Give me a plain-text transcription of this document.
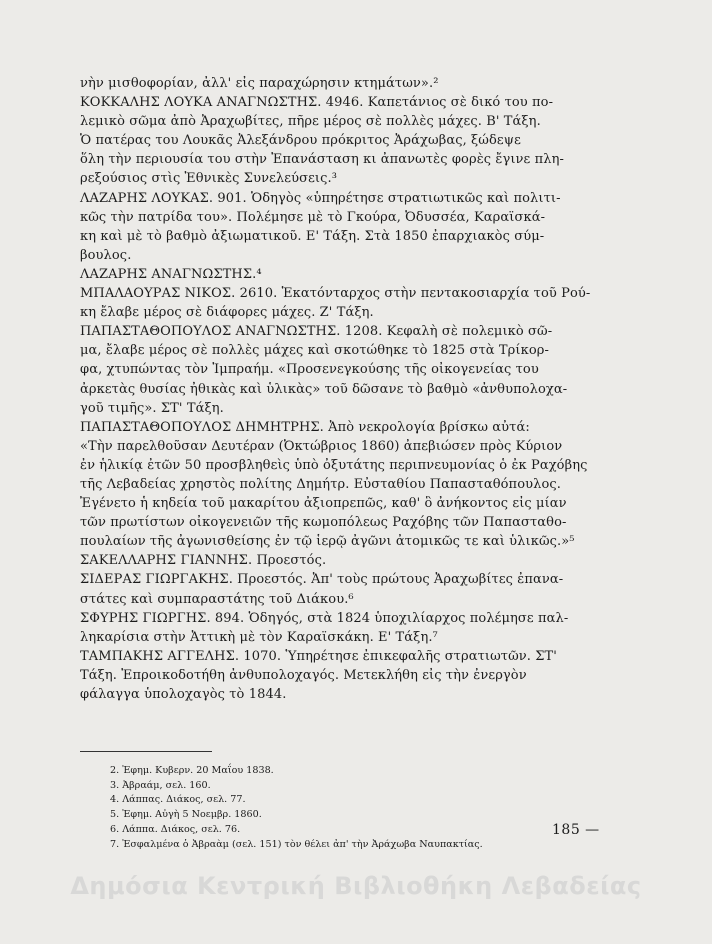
νὴν μισθοφορίαν, ἀλλ' εἰς παραχώρησιν κτημάτων».²

ΚΟΚΚΑΛΗΣ ΛΟΥΚΑ ΑΝΑΓΝΩΣΤΗΣ. 4946. Καπετάνιος σὲ δικό του πο-

λεμικὸ σῶμα ἀπὸ Ἀραχωβίτες, πῆρε μέρος σὲ πολλὲς μάχες. Β' Τάξη.

Ὁ πατέρας του Λουκᾶς Ἀλεξάνδρου πρόκριτος Ἀράχωβας, ξώδεψε

ὅλη τὴν περιουσία του στὴν Ἐπανάσταση κι ἀπανωτὲς φορὲς ἔγινε πλη-

ρεξούσιος στὶς Ἐθνικὲς Συνελεύσεις.³

ΛΑΖΑΡΗΣ ΛΟΥΚΑΣ. 901. Ὁδηγὸς «ὑπηρέτησε στρατιωτικῶς καὶ πολιτι-

κῶς τὴν πατρίδα του». Πολέμησε μὲ τὸ Γκούρα, Ὀδυσσέα, Καραϊσκά-

κη καὶ μὲ τὸ βαθμὸ ἀξιωματικοῦ. Ε' Τάξη. Στὰ 1850 ἐπαρχιακὸς σύμ-

βουλος.

ΛΑΖΑΡΗΣ ΑΝΑΓΝΩΣΤΗΣ.⁴

ΜΠΑΛΑΟΥΡΑΣ ΝΙΚΟΣ. 2610. Ἑκατόνταρχος στὴν πεντακοσιαρχία τοῦ Ρού-

κη ἔλαβε μέρος σὲ διάφορες μάχες. Ζ' Τάξη.

ΠΑΠΑΣΤΑΘΟΠΟΥΛΟΣ ΑΝΑΓΝΩΣΤΗΣ. 1208. Κεφαλὴ σὲ πολεμικὸ σῶ-

μα, ἔλαβε μέρος σὲ πολλὲς μάχες καὶ σκοτώθηκε τὸ 1825 στὰ Τρίκορ-

φα, χτυπώντας τὸν Ἰμπραήμ. «Προσενεγκούσης τῆς οἰκογενείας του

ἀρκετὰς θυσίας ἠθικὰς καὶ ὑλικὰς» τοῦ δῶσανε τὸ βαθμὸ «ἀνθυπολοχα-

γοῦ τιμῆς». ΣΤ' Τάξη.

ΠΑΠΑΣΤΑΘΟΠΟΥΛΟΣ ΔΗΜΗΤΡΗΣ. Ἀπὸ νεκρολογία βρίσκω αὐτά:

«Τὴν παρελθοῦσαν Δευτέραν (Ὀκτώβριος 1860) ἀπεβιώσεν πρὸς Κύριον

ἐν ἡλικίᾳ ἐτῶν 50 προσβληθεὶς ὑπὸ ὀξυτάτης περιπνευμονίας ὁ ἐκ Ραχόβης

τῆς Λεβαδείας χρηστὸς πολίτης Δημήτρ. Εὐσταθίου Παπασταθόπουλος.

Ἐγένετο ἡ κηδεία τοῦ μακαρίτου ἀξιοπρεπῶς, καθ' ὃ ἀνήκοντος εἰς μίαν

τῶν πρωτίστων οἰκογενειῶν τῆς κωμοπόλεως Ραχόβης τῶν Παπασταθο-

πουλαίων τῆς ἀγωνισθείσης ἐν τῷ ἱερῷ ἀγῶνι ἀτομικῶς τε καὶ ὑλικῶς.»⁵

ΣΑΚΕΛΛΑΡΗΣ ΓΙΑΝΝΗΣ. Προεστός.

ΣΙΔΕΡΑΣ ΓΙΩΡΓΑΚΗΣ. Προεστός. Ἀπ' τοὺς πρώτους Ἀραχωβίτες ἐπανα-

στάτες καὶ συμπαραστάτης τοῦ Διάκου.⁶

ΣΦΥΡΗΣ ΓΙΩΡΓΗΣ. 894. Ὁδηγός, στὰ 1824 ὑποχιλίαρχος πολέμησε παλ-

ληκαρίσια στὴν Ἀττικὴ μὲ τὸν Καραϊσκάκη. Ε' Τάξη.⁷

ΤΑΜΠΑΚΗΣ ΑΓΓΕΛΗΣ. 1070. Ὑπηρέτησε ἐπικεφαλῆς στρατιωτῶν. ΣΤ'

Τάξη. Ἐπροικοδοτήθη ἀνθυπολοχαγός. Μετεκλήθη εἰς τὴν ἐνεργὸν

φάλαγγα ὑπολοχαγὸς τὸ 1844.

2. Ἐφημ. Κυβερν. 20 Μαΐου 1838.

3. Ἀβραάμ, σελ. 160.

4. Λάππας. Διάκος, σελ. 77.

5. Ἐφημ. Αὐγὴ 5 Νοεμβρ. 1860.

6. Λάππα. Διάκος, σελ. 76.

7. Ἐσφαλμένα ὁ Ἀβραὰμ (σελ. 151) τὸν θέλει ἀπ' τὴν Ἀράχωβα Ναυπακτίας.

185 —
Δημόσια Κεντρική Βιβλιοθήκη Λεβαδείας
